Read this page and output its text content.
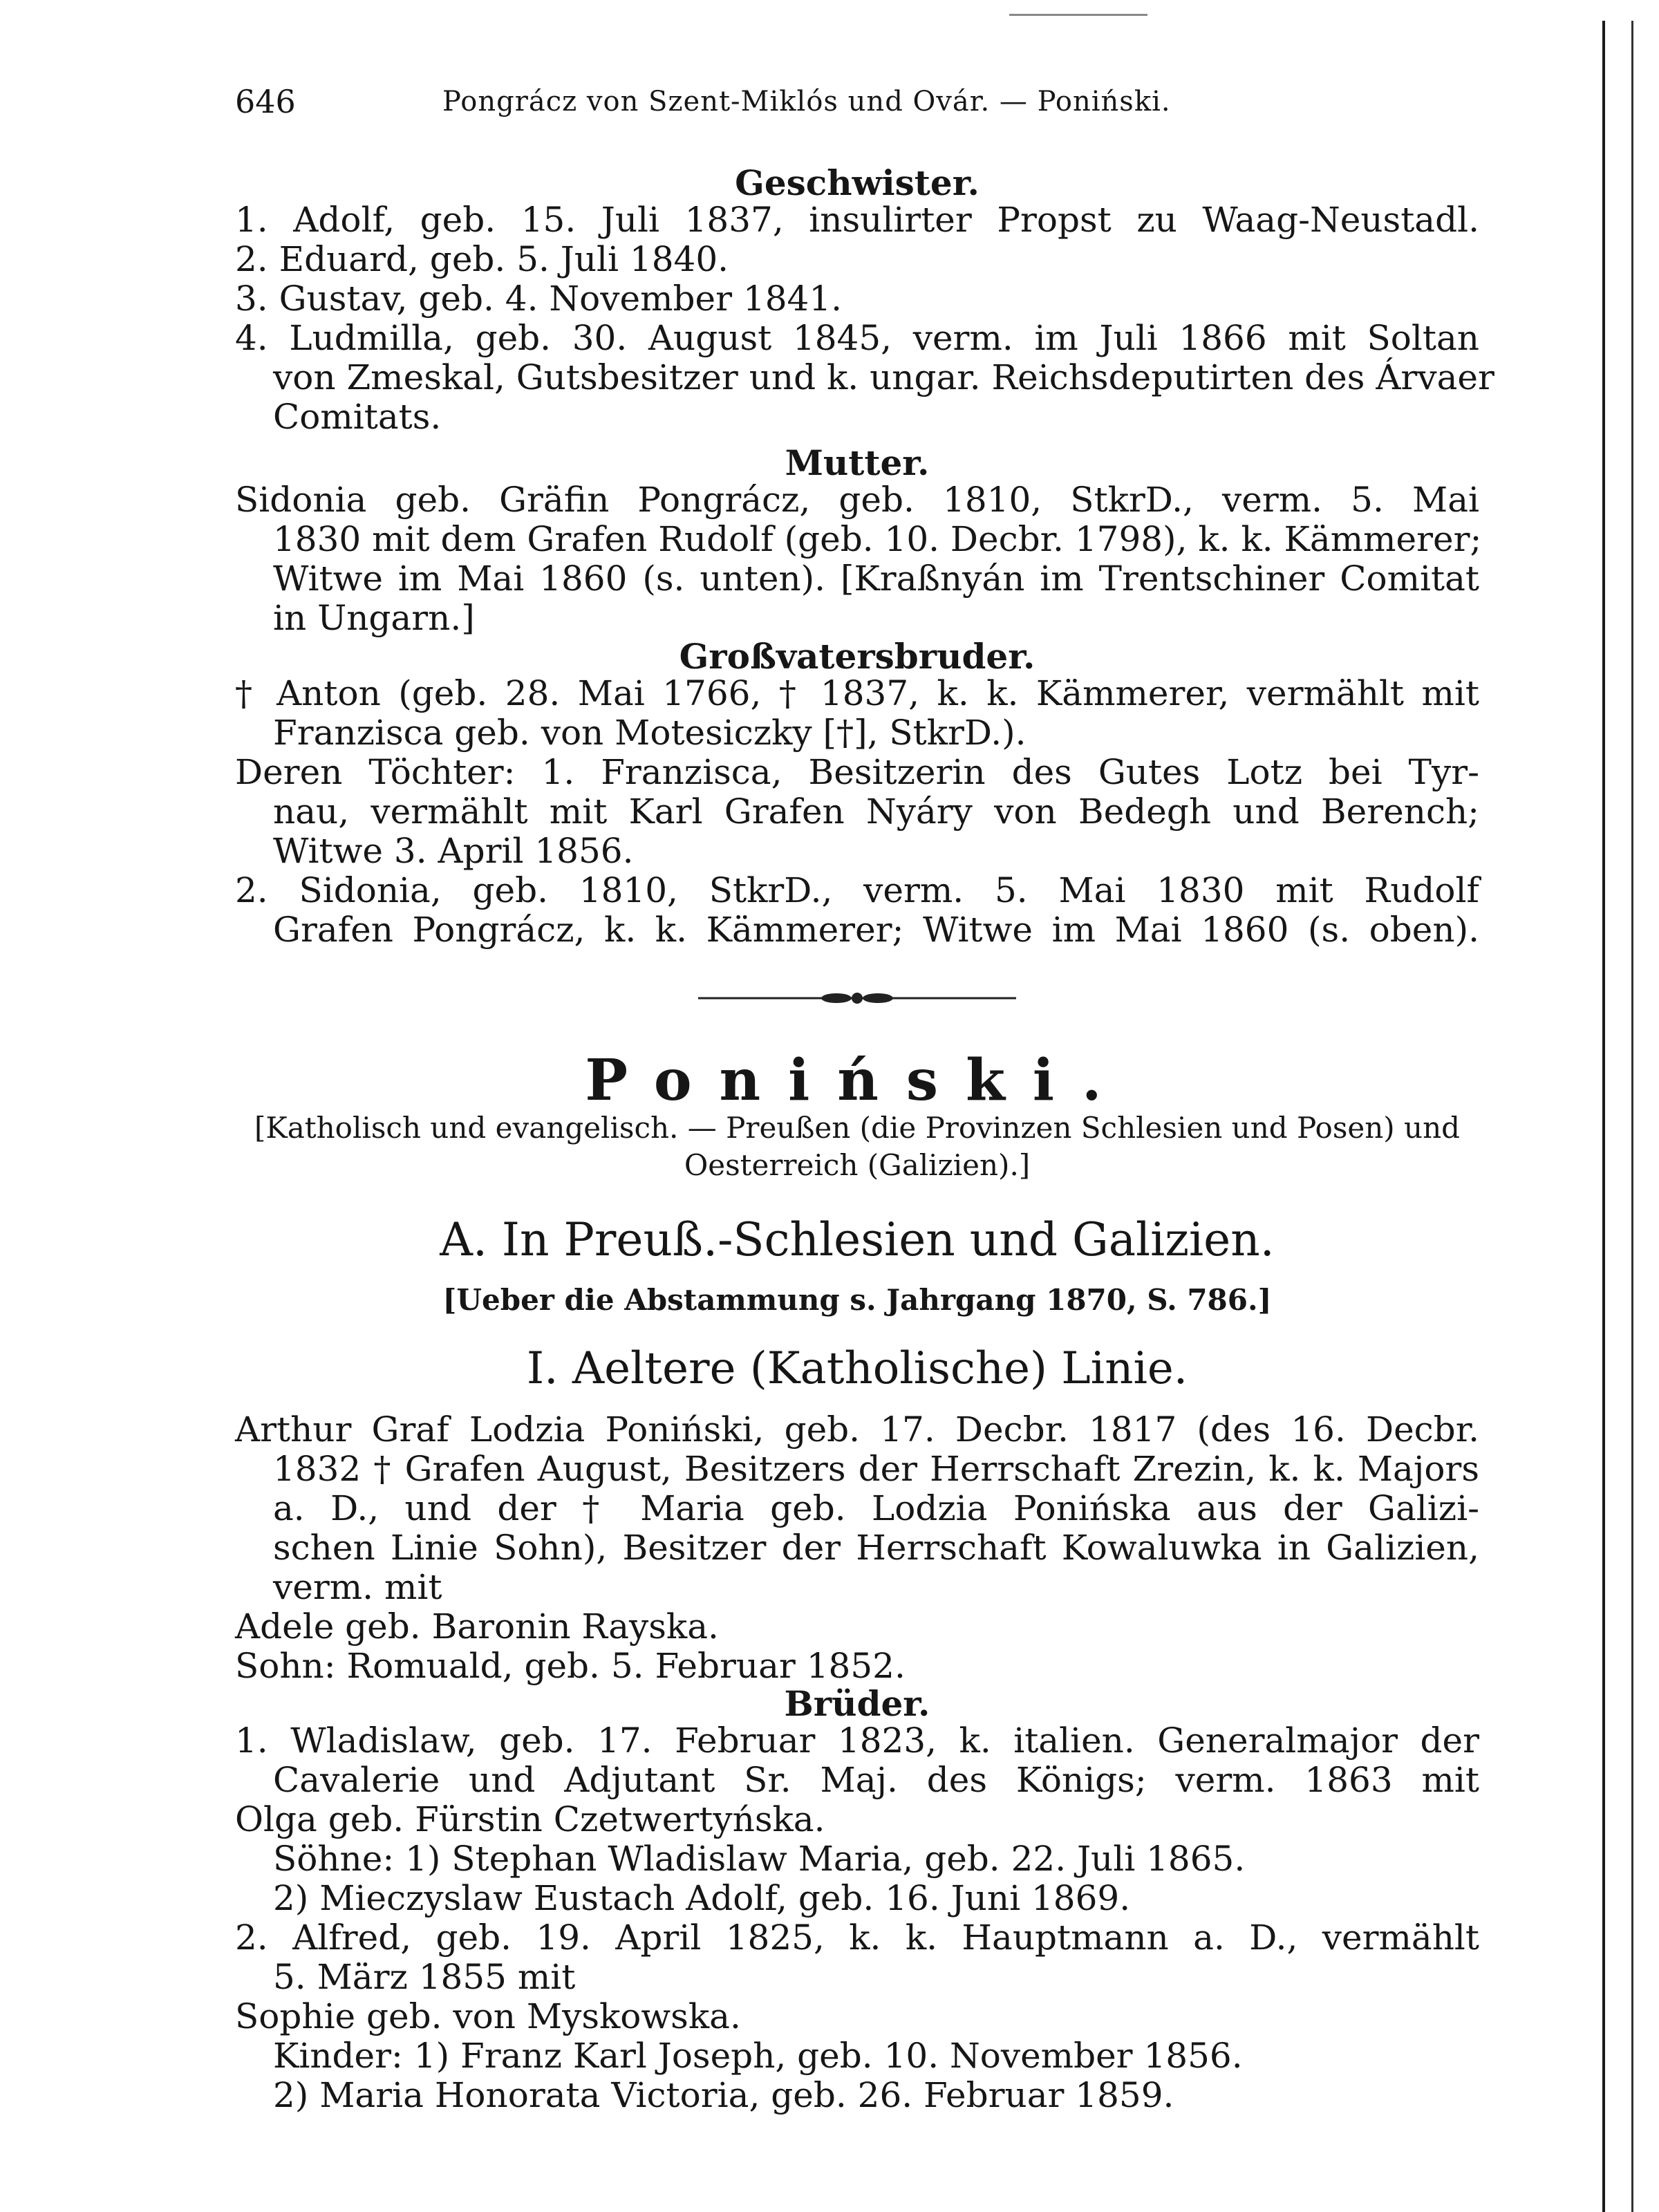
646	Pongrácz von Szent-Miklós und Ovár. — Poniński.
Geschwister.
1. Adolf, geb. 15. Juli 1837, insulirter Propst zu Waag-Neustadl.
2. Eduard, geb. 5. Juli 1840.
3. Gustav, geb. 4. November 1841.
4. Ludmilla, geb. 30. August 1845, verm. im Juli 1866 mit Soltan
von Zmeskal, Gutsbesitzer und k. ungar. Reichsdeputirten des Árvaer
Comitats.
Mutter.
Sidonia geb. Gräfin Pongrácz, geb. 1810, StkrD., verm. 5. Mai
1830 mit dem Grafen Rudolf (geb. 10. Decbr. 1798), k. k. Kämmerer;
Witwe im Mai 1860 (s. unten). [Kraßnyán im Trentschiner Comitat
in Ungarn.]
Großvatersbruder.
† Anton (geb. 28. Mai 1766, † 1837, k. k. Kämmerer, vermählt mit
Franzisca geb. von Motesiczky [†], StkrD.).
Deren Töchter: 1. Franzisca, Besitzerin des Gutes Lotz bei Tyr-
nau, vermählt mit Karl Grafen Nyáry von Bedegh und Berench;
Witwe 3. April 1856.
2. Sidonia, geb. 1810, StkrD., verm. 5. Mai 1830 mit Rudolf
Grafen Pongrácz, k. k. Kämmerer; Witwe im Mai 1860 (s. oben).
Poniński.
[Katholisch und evangelisch. — Preußen (die Provinzen Schlesien und Posen) und
Oesterreich (Galizien).]
A. In Preuß.-Schlesien und Galizien.
[Ueber die Abstammung s. Jahrgang 1870, S. 786.]
I. Aeltere (Katholische) Linie.
Arthur Graf Lodzia Poniński, geb. 17. Decbr. 1817 (des 16. Decbr.
1832 † Grafen August, Besitzers der Herrschaft Zrezin, k. k. Majors
a. D., und der † Maria geb. Lodzia Ponińska aus der Galizi-
schen Linie Sohn), Besitzer der Herrschaft Kowaluwka in Galizien,
verm. mit
Adele geb. Baronin Rayska.
Sohn: Romuald, geb. 5. Februar 1852.
Brüder.
1. Wladislaw, geb. 17. Februar 1823, k. italien. Generalmajor der
Cavalerie und Adjutant Sr. Maj. des Königs; verm. 1863 mit
Olga geb. Fürstin Czetwertyńska.
Söhne: 1) Stephan Wladislaw Maria, geb. 22. Juli 1865.
2) Mieczyslaw Eustach Adolf, geb. 16. Juni 1869.
2. Alfred, geb. 19. April 1825, k. k. Hauptmann a. D., vermählt
5. März 1855 mit
Sophie geb. von Myskowska.
Kinder: 1) Franz Karl Joseph, geb. 10. November 1856.
2) Maria Honorata Victoria, geb. 26. Februar 1859.
